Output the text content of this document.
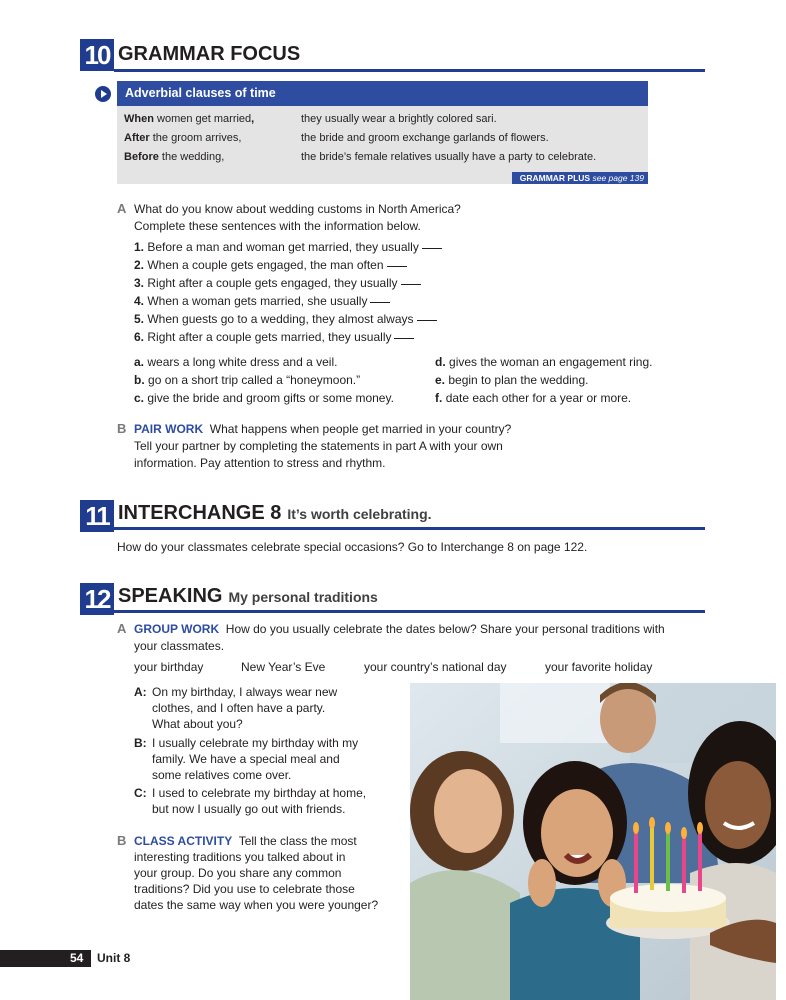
10 GRAMMAR FOCUS
Adverbial clauses of time
When women get married,	they usually wear a brightly colored sari.
After the groom arrives,	the bride and groom exchange garlands of flowers.
Before the wedding,	the bride’s female relatives usually have a party to celebrate.
GRAMMAR PLUS see page 139
A What do you know about wedding customs in North America?
Complete these sentences with the information below.
1. Before a man and woman get married, they usually
2. When a couple gets engaged, the man often
3. Right after a couple gets engaged, they usually
4. When a woman gets married, she usually
5. When guests go to a wedding, they almost always
6. Right after a couple gets married, they usually
a. wears a long white dress and a veil.
b. go on a short trip called a “honeymoon.”
c. give the bride and groom gifts or some money.
d. gives the woman an engagement ring.
e. begin to plan the wedding.
f. date each other for a year or more.
B PAIR WORK What happens when people get married in your country?
Tell your partner by completing the statements in part A with your own
information. Pay attention to stress and rhythm.
11 INTERCHANGE 8 It’s worth celebrating.
How do your classmates celebrate special occasions? Go to Interchange 8 on page 122.
12 SPEAKING My personal traditions
A GROUP WORK How do you usually celebrate the dates below? Share your personal traditions with
your classmates.
your birthday	New Year’s Eve	your country’s national day	your favorite holiday
A: On my birthday, I always wear new
clothes, and I often have a party.
What about you?
B: I usually celebrate my birthday with my
family. We have a special meal and
some relatives come over.
C: I used to celebrate my birthday at home,
but now I usually go out with friends.
B CLASS ACTIVITY Tell the class the most
interesting traditions you talked about in
your group. Do you share any common
traditions? Did you use to celebrate those
dates the same way when you were younger?
54 Unit 8
